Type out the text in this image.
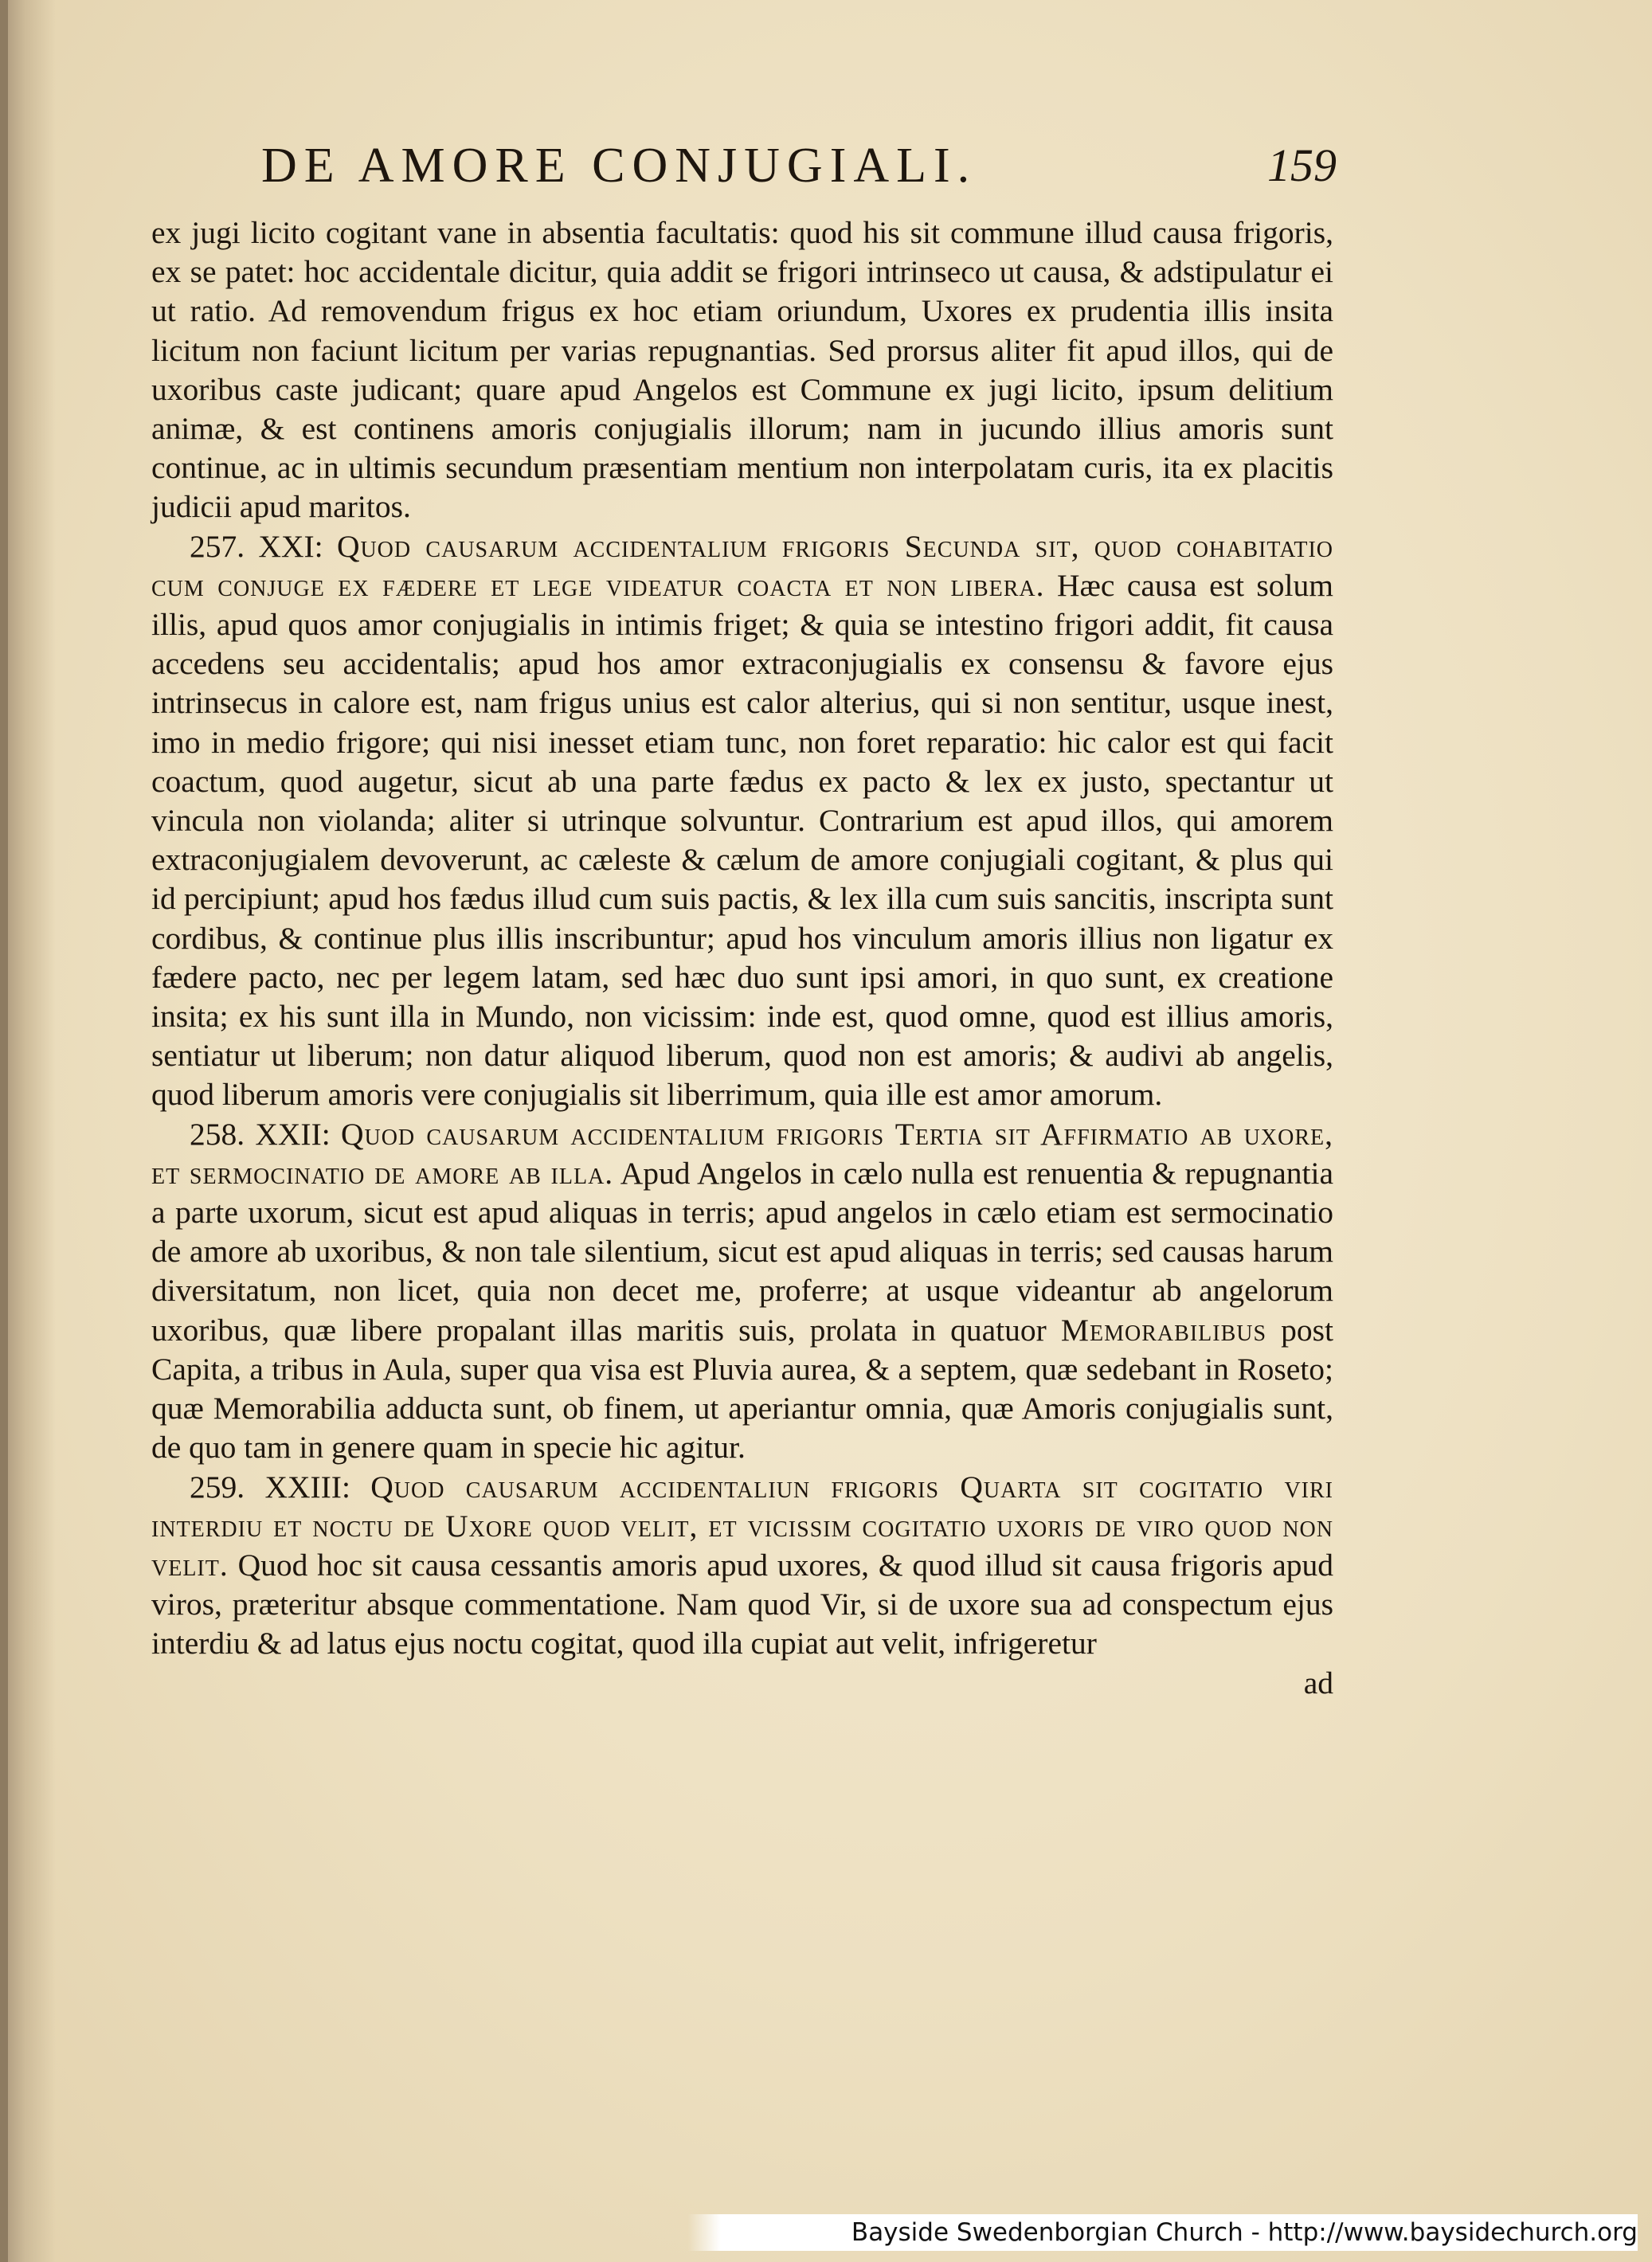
DE AMORE CONJUGIALI.	159

ex jugi licito cogitant vane in absentia facultatis: quod his sit commune illud causa frigoris, ex se patet: hoc accidentale dicitur, quia addit se frigori intrinseco ut causa, & adstipulatur ei ut ratio. Ad removendum frigus ex hoc etiam oriundum, Uxores ex prudentia illis insita licitum non faciunt licitum per varias repugnantias. Sed prorsus aliter fit apud illos, qui de uxoribus caste judicant; quare apud Angelos est Commune ex jugi licito, ipsum delitium animæ, & est continens amoris conjugialis illorum; nam in jucundo illius amoris sunt continue, ac in ultimis secundum præsentiam mentium non interpolatam curis, ita ex placitis judicii apud maritos.

257. XXI: Quod causarum accidentalium frigoris Secunda sit, quod cohabitatio cum conjuge ex fædere et lege videatur coacta et non libera. Hæc causa est solum illis, apud quos amor conjugialis in intimis friget; & quia se intestino frigori addit, fit causa accedens seu accidentalis; apud hos amor extraconjugialis ex consensu & favore ejus intrinsecus in calore est, nam frigus unius est calor alterius, qui si non sentitur, usque inest, imo in medio frigore; qui nisi inesset etiam tunc, non foret reparatio: hic calor est qui facit coactum, quod augetur, sicut ab una parte fædus ex pacto & lex ex justo, spectantur ut vincula non violanda; aliter si utrinque solvuntur. Contrarium est apud illos, qui amorem extraconjugialem devoverunt, ac cæleste & cælum de amore conjugiali cogitant, & plus qui id percipiunt; apud hos fædus illud cum suis pactis, & lex illa cum suis sancitis, inscripta sunt cordibus, & continue plus illis inscribuntur; apud hos vinculum amoris illius non ligatur ex fædere pacto, nec per legem latam, sed hæc duo sunt ipsi amori, in quo sunt, ex creatione insita; ex his sunt illa in Mundo, non vicissim: inde est, quod omne, quod est illius amoris, sentiatur ut liberum; non datur aliquod liberum, quod non est amoris; & audivi ab angelis, quod liberum amoris vere conjugialis sit liberrimum, quia ille est amor amorum.

258. XXII: Quod causarum accidentalium frigoris Tertia sit Affirmatio ab uxore, et sermocinatio de amore ab illa. Apud Angelos in cælo nulla est renuentia & repugnantia a parte uxorum, sicut est apud aliquas in terris; apud angelos in cælo etiam est sermocinatio de amore ab uxoribus, & non tale silentium, sicut est apud aliquas in terris; sed causas harum diversitatum, non licet, quia non decet me, proferre; at usque videantur ab angelorum uxoribus, quæ libere propalant illas maritis suis, prolata in quatuor Memorabilibus post Capita, a tribus in Aula, super qua visa est Pluvia aurea, & a septem, quæ sedebant in Roseto; quæ Memorabilia adducta sunt, ob finem, ut aperiantur omnia, quæ Amoris conjugialis sunt, de quo tam in genere quam in specie hic agitur.

259. XXIII: Quod causarum accidentaliun frigoris Quarta sit cogitatio viri interdiu et noctu de Uxore quod velit, et vicissim cogitatio uxoris de viro quod non velit. Quod hoc sit causa cessantis amoris apud uxores, & quod illud sit causa frigoris apud viros, præteritur absque commentatione. Nam quod Vir, si de uxore sua ad conspectum ejus interdiu & ad latus ejus noctu cogitat, quod illa cupiat aut velit, infrigeretur

ad
Bayside Swedenborgian Church - http://www.baysidechurch.org
